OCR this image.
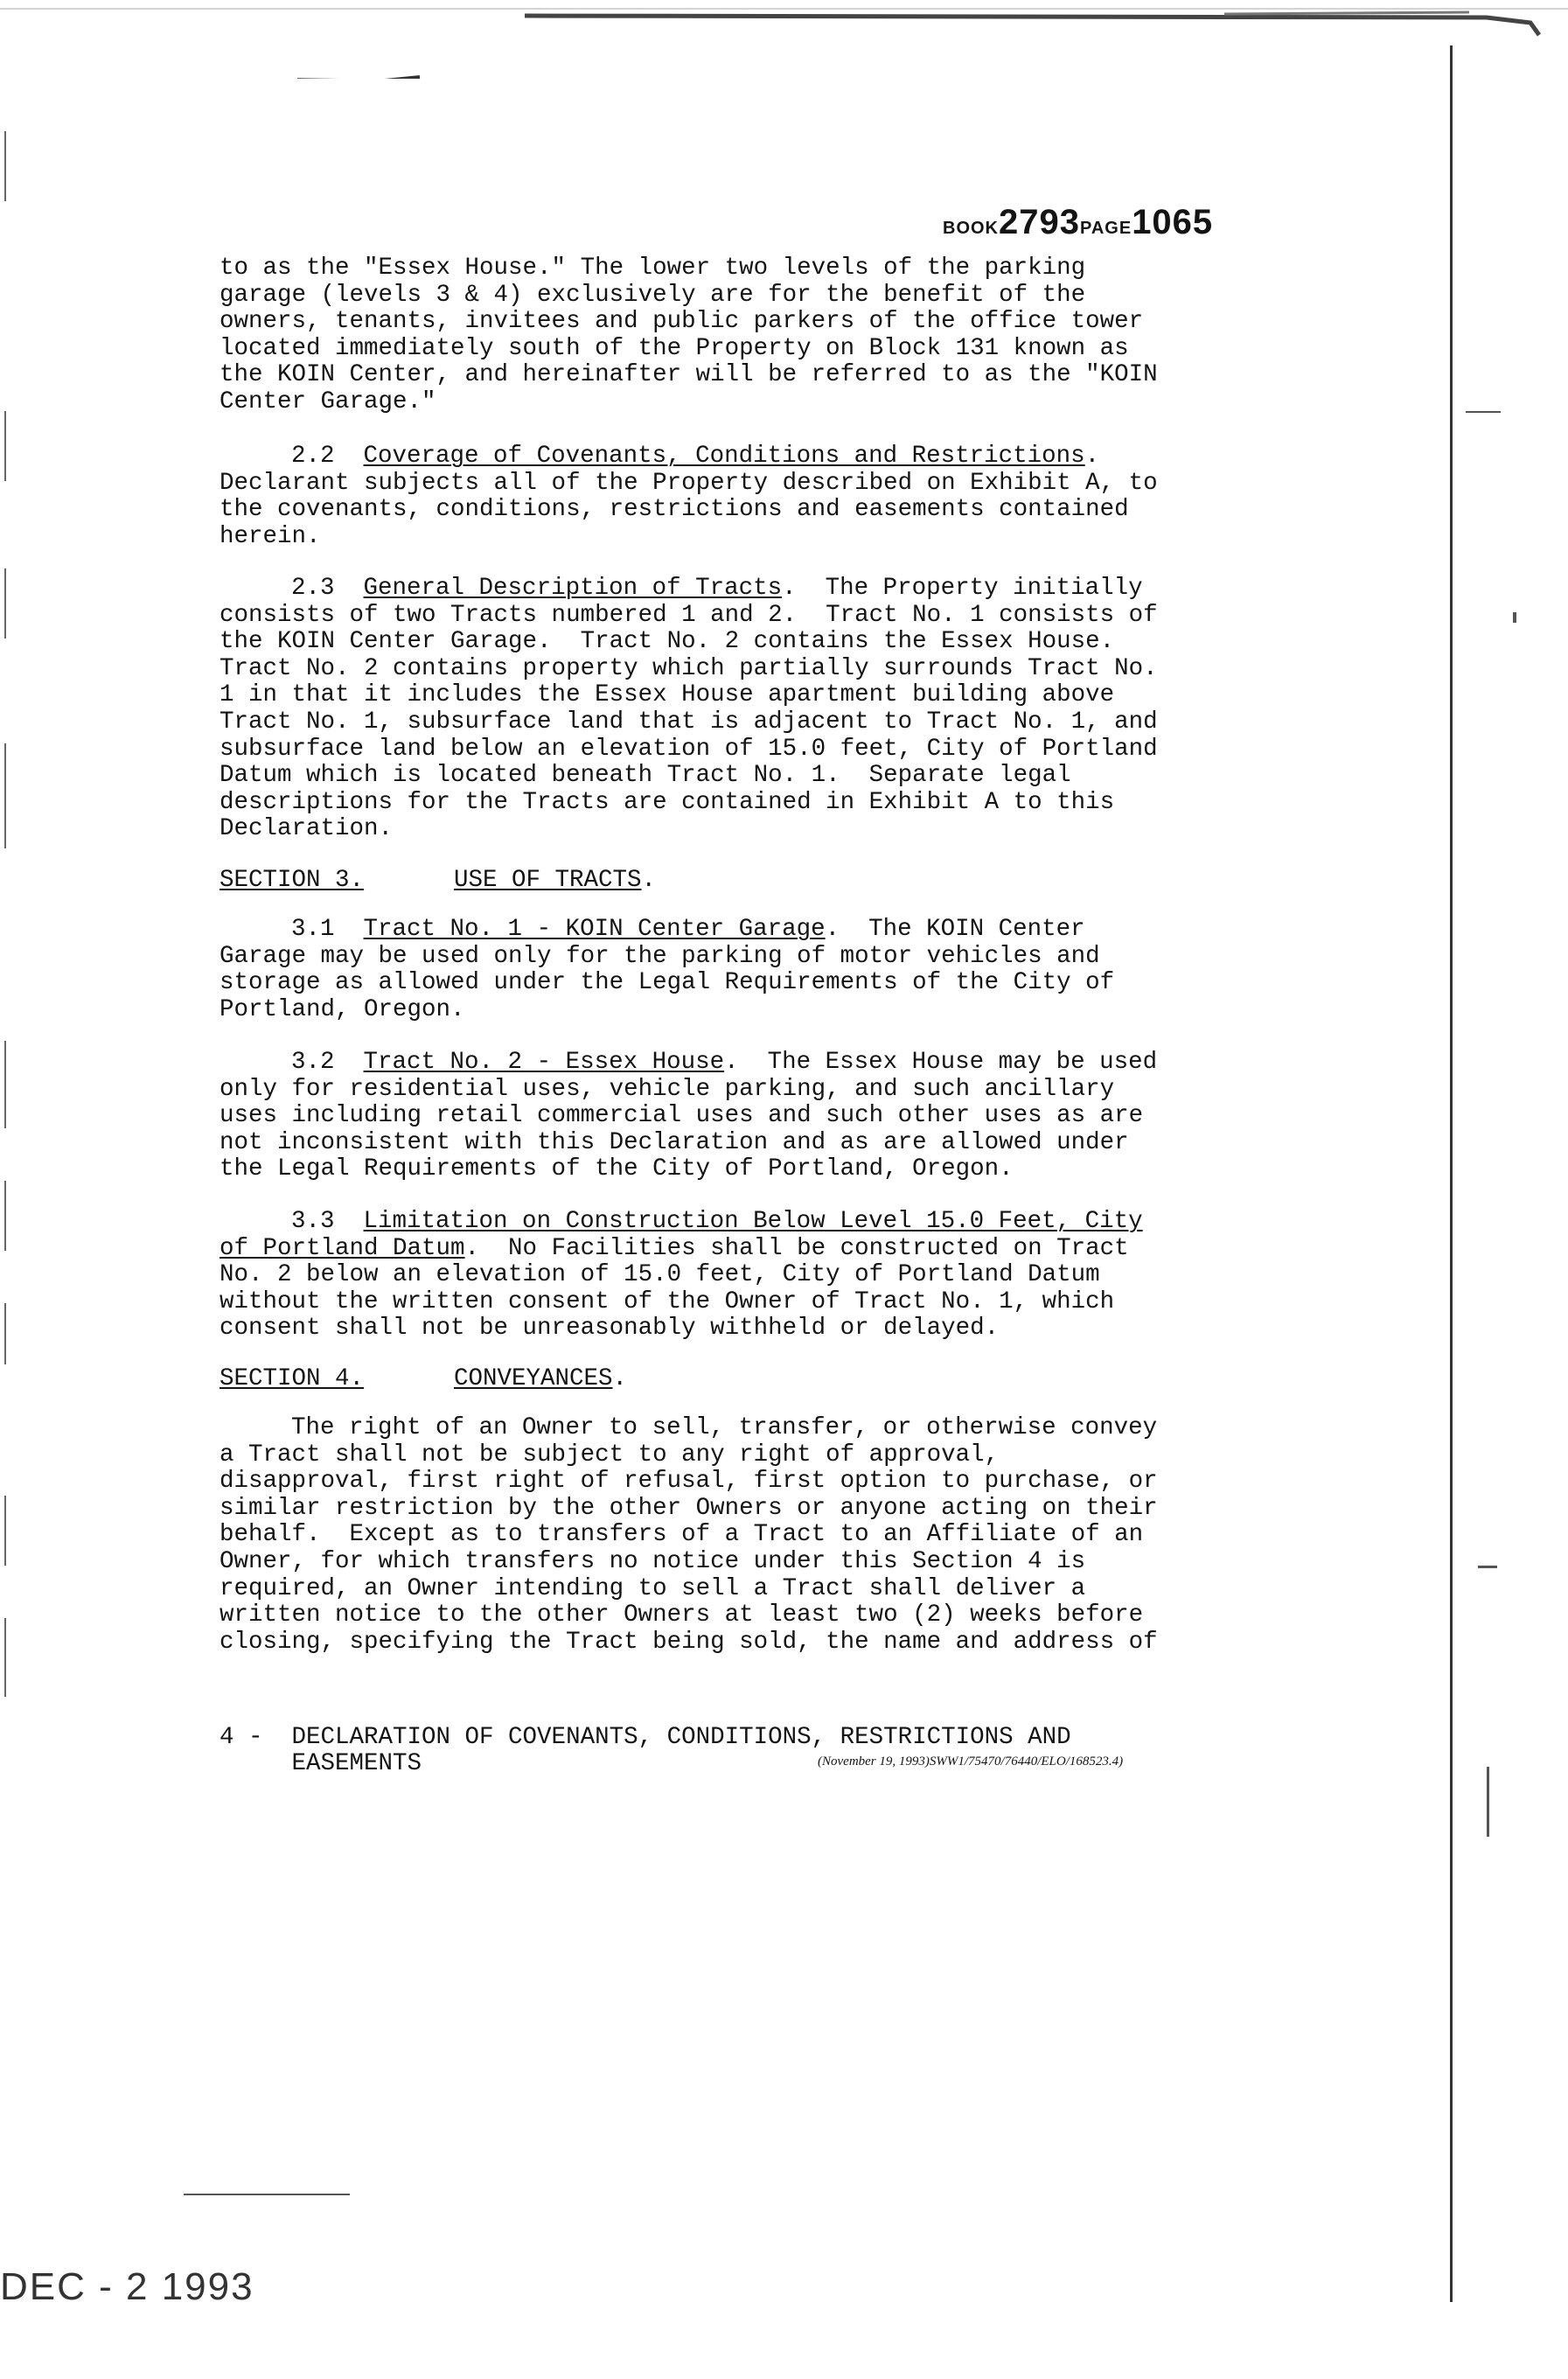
BOOK2793PAGE1065

to as the "Essex House." The lower two levels of the parking
garage (levels 3 & 4) exclusively are for the benefit of the
owners, tenants, invitees and public parkers of the office tower
located immediately south of the Property on Block 131 known as
the KOIN Center, and hereinafter will be referred to as the "KOIN
Center Garage."

2.2 Coverage of Covenants, Conditions and Restrictions.
Declarant subjects all of the Property described on Exhibit A, to
the covenants, conditions, restrictions and easements contained
herein.

2.3 General Description of Tracts.  The Property initially
consists of two Tracts numbered 1 and 2.  Tract No. 1 consists of
the KOIN Center Garage.  Tract No. 2 contains the Essex House.
Tract No. 2 contains property which partially surrounds Tract No.
1 in that it includes the Essex House apartment building above
Tract No. 1, subsurface land that is adjacent to Tract No. 1, and
subsurface land below an elevation of 15.0 feet, City of Portland
Datum which is located beneath Tract No. 1.  Separate legal
descriptions for the Tracts are contained in Exhibit A to this
Declaration.

SECTION 3.	USE OF TRACTS.

3.1 Tract No. 1 - KOIN Center Garage.  The KOIN Center
Garage may be used only for the parking of motor vehicles and
storage as allowed under the Legal Requirements of the City of
Portland, Oregon.

3.2 Tract No. 2 - Essex House.  The Essex House may be used
only for residential uses, vehicle parking, and such ancillary
uses including retail commercial uses and such other uses as are
not inconsistent with this Declaration and as are allowed under
the Legal Requirements of the City of Portland, Oregon.

3.3 Limitation on Construction Below Level 15.0 Feet, City
of Portland Datum.  No Facilities shall be constructed on Tract
No. 2 below an elevation of 15.0 feet, City of Portland Datum
without the written consent of the Owner of Tract No. 1, which
consent shall not be unreasonably withheld or delayed.

SECTION 4.	CONVEYANCES.

The right of an Owner to sell, transfer, or otherwise convey
a Tract shall not be subject to any right of approval,
disapproval, first right of refusal, first option to purchase, or
similar restriction by the other Owners or anyone acting on their
behalf.  Except as to transfers of a Tract to an Affiliate of an
Owner, for which transfers no notice under this Section 4 is
required, an Owner intending to sell a Tract shall deliver a
written notice to the other Owners at least two (2) weeks before
closing, specifying the Tract being sold, the name and address of

4 -  DECLARATION OF COVENANTS, CONDITIONS, RESTRICTIONS AND
EASEMENTS	(November 19, 1993)SWW1/75470/76440/ELO/168523.4)
DEC - 2 1993
